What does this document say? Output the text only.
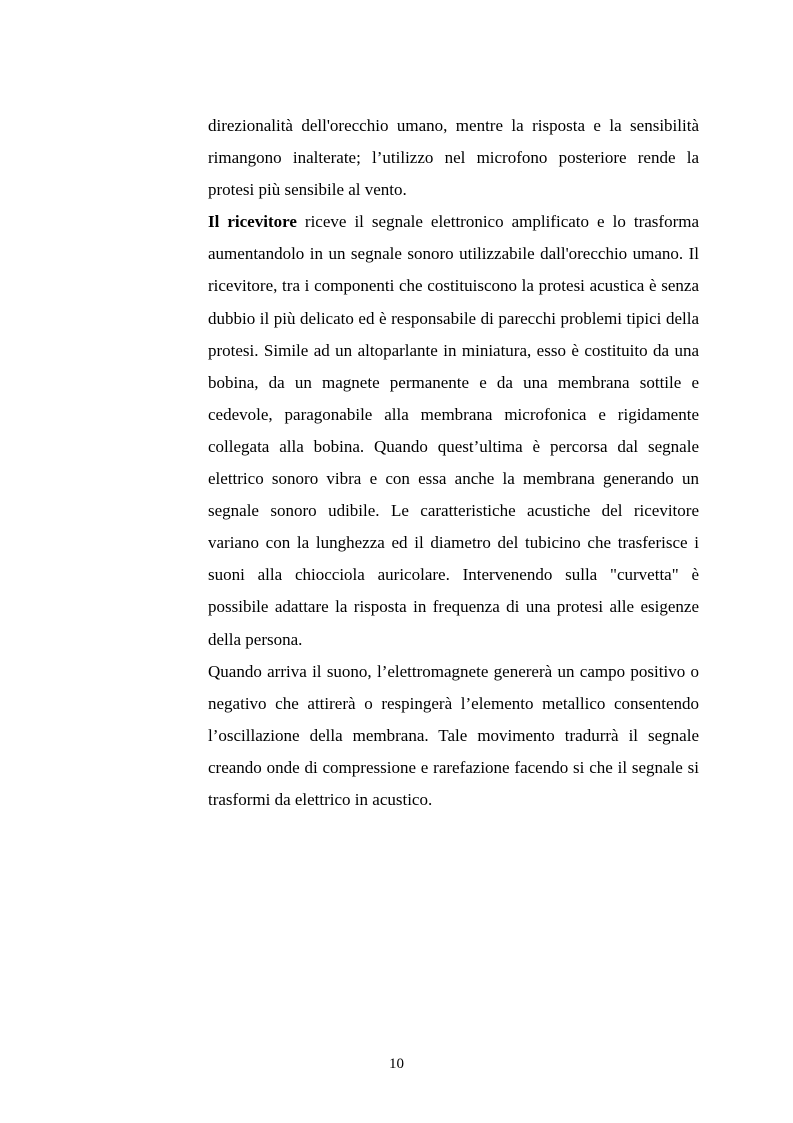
direzionalità dell'orecchio umano, mentre la risposta e la sensibilità rimangono inalterate; l’utilizzo nel microfono posteriore rende la protesi più sensibile al vento.

Il ricevitore riceve il segnale elettronico amplificato e lo trasforma aumentandolo in un segnale sonoro utilizzabile dall'orecchio umano. Il ricevitore, tra i componenti che costituiscono la protesi acustica è senza dubbio il più delicato ed è responsabile di parecchi problemi tipici della protesi. Simile ad un altoparlante in miniatura, esso è costituito da una bobina, da un magnete permanente e da una membrana sottile e cedevole, paragonabile alla membrana microfonica e rigidamente collegata alla bobina. Quando quest’ultima è percorsa dal segnale elettrico sonoro vibra e con essa anche la membrana generando un segnale sonoro udibile. Le caratteristiche acustiche del ricevitore variano con la lunghezza ed il diametro del tubicino che trasferisce i suoni alla chiocciola auricolare. Intervenendo sulla "curvetta" è possibile adattare la risposta in frequenza di una protesi alle esigenze della persona.

Quando arriva il suono, l’elettromagnete genererà un campo positivo o negativo che attirerà o respingerà l’elemento metallico consentendo l’oscillazione della membrana. Tale movimento tradurrà il segnale creando onde di compressione e rarefazione facendo si che il segnale si trasformi da elettrico in acustico.

10
